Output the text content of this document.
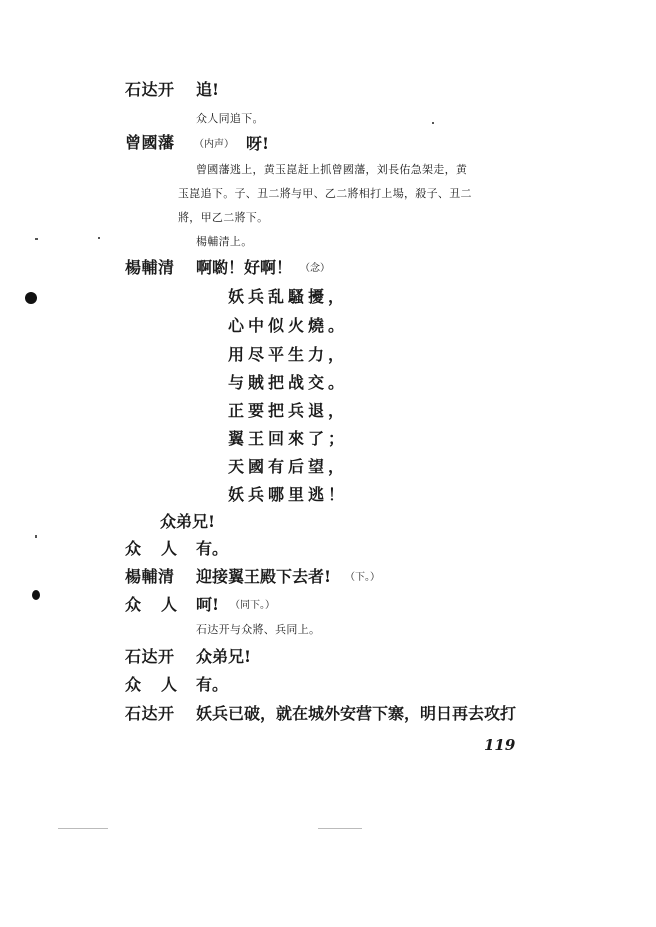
石达开 追!
众人同追下。
曾國藩 （内声） 呀!
曾國藩逃上，黄玉崑赶上抓曾國藩，刘長佑急架走，黄
玉崑追下。子、丑二將与甲、乙二將相打上場，殺子、丑二
將，甲乙二將下。
楊輔清上。
楊輔清 啊喲！好啊！ （念）
妖兵乱騷擾，
心中似火燒。
用尽平生力，
与賊把战交。
正要把兵退，
翼王回來了；
天國有后望，
妖兵哪里逃！
众弟兄!
众　人 有。
楊輔清 迎接翼王殿下去者! （下。）
众　人 呵! （同下。）
石达开与众將、兵同上。
石达开 众弟兄!
众　人 有。
石达开 妖兵已破，就在城外安营下寨，明日再去攻打
119
